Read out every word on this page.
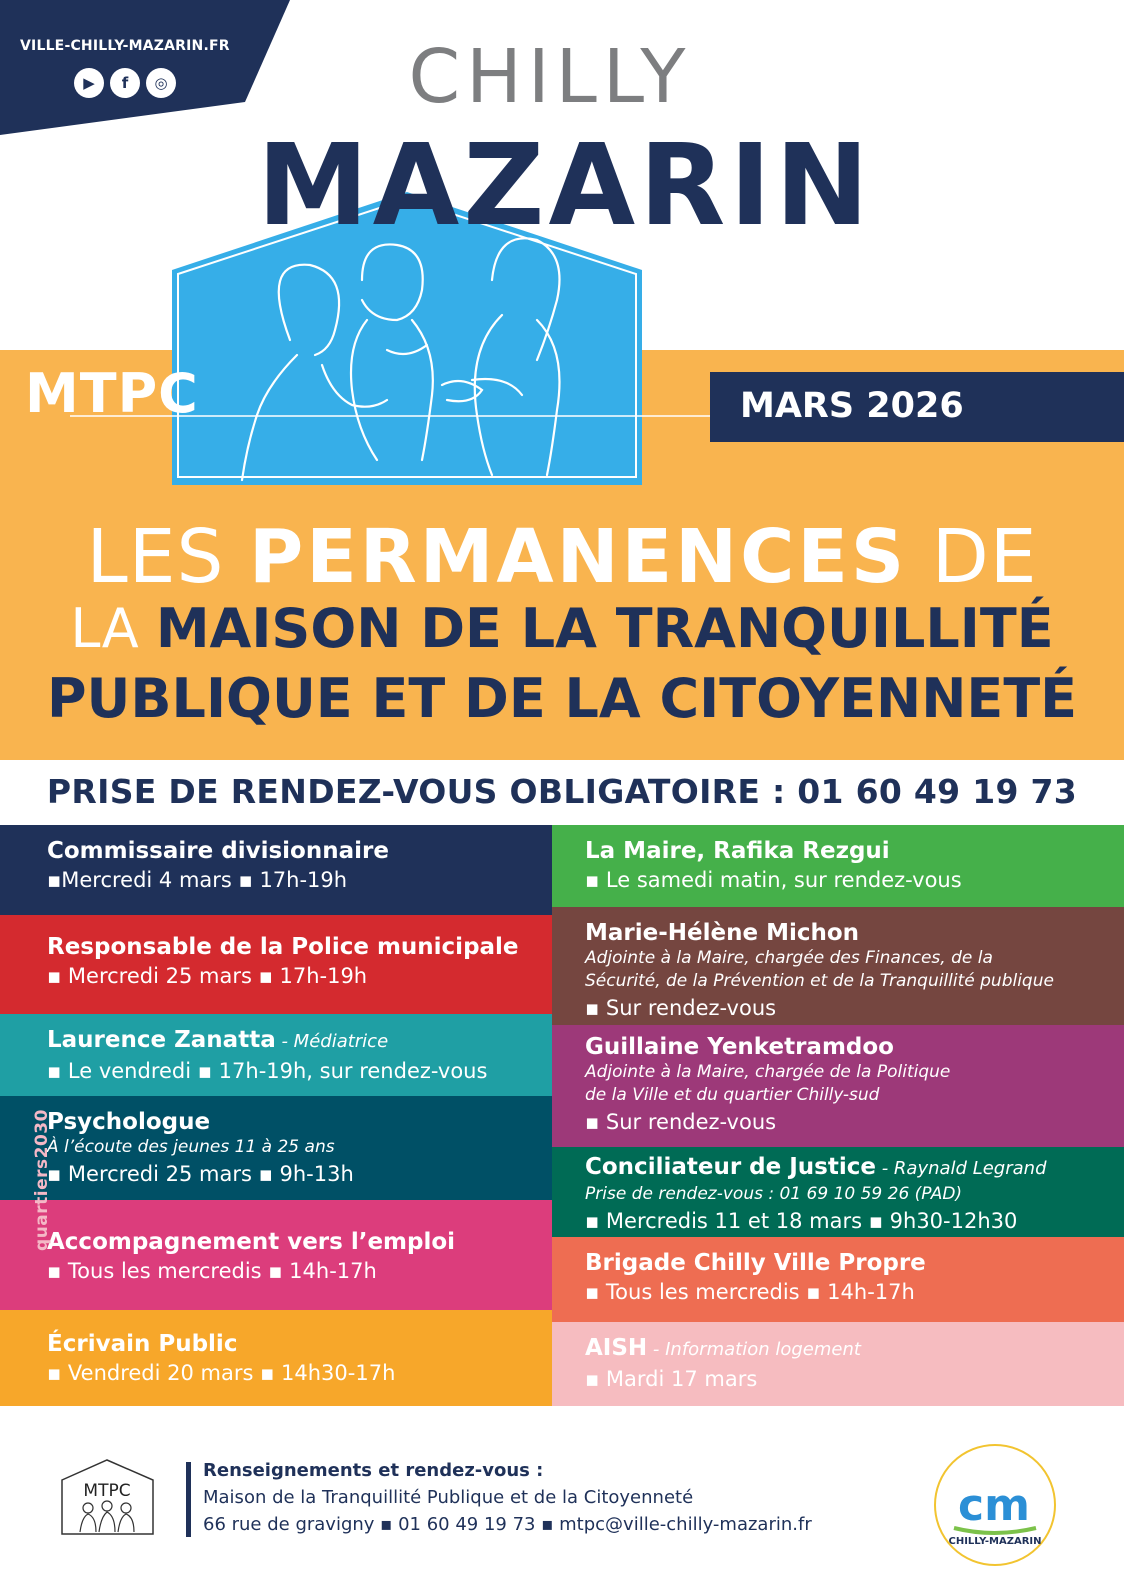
VILLE-CHILLY-MAZARIN.FR
▶	f	◎	CHILLY
MAZARIN
MTPC	MARS 2026
LES PERMANENCES DE
LA MAISON DE LA TRANQUILLITÉ
PUBLIQUE ET DE LA CITOYENNETÉ
PRISE DE RENDEZ-VOUS OBLIGATOIRE : 01 60 49 19 73
Commissaire divisionnaire
▪Mercredi 4 mars ▪ 17h-19h
Responsable de la Police municipale
▪ Mercredi 25 mars ▪ 17h-19h
Laurence Zanatta - Médiatrice
▪ Le vendredi ▪ 17h-19h, sur rendez-vous
Psychologue
À l’écoute des jeunes 11 à 25 ans
▪ Mercredi 25 mars ▪ 9h-13h
Accompagnement vers l’emploi
▪ Tous les mercredis ▪ 14h-17h
Écrivain Public
▪ Vendredi 20 mars ▪ 14h30-17h
quartiers2030
La Maire, Rafika Rezgui
▪ Le samedi matin, sur rendez-vous
Marie-Hélène Michon
Adjointe à la Maire, chargée des Finances, de la
Sécurité, de la Prévention et de la Tranquillité publique
▪ Sur rendez-vous
Guillaine Yenketramdoo
Adjointe à la Maire, chargée de la Politique
de la Ville et du quartier Chilly-sud
▪ Sur rendez-vous
Conciliateur de Justice - Raynald Legrand
Prise de rendez-vous : 01 69 10 59 26 (PAD)
▪ Mercredis 11 et 18 mars ▪ 9h30-12h30
Brigade Chilly Ville Propre
▪ Tous les mercredis ▪ 14h-17h
AISH - Information logement
▪ Mardi 17 mars
MTPC
Renseignements et rendez-vous :
Maison de la Tranquillité Publique et de la Citoyenneté
66 rue de gravigny ▪ 01 60 49 19 73 ▪ mtpc@ville-chilly-mazarin.fr	cm
CHILLY-MAZARIN
